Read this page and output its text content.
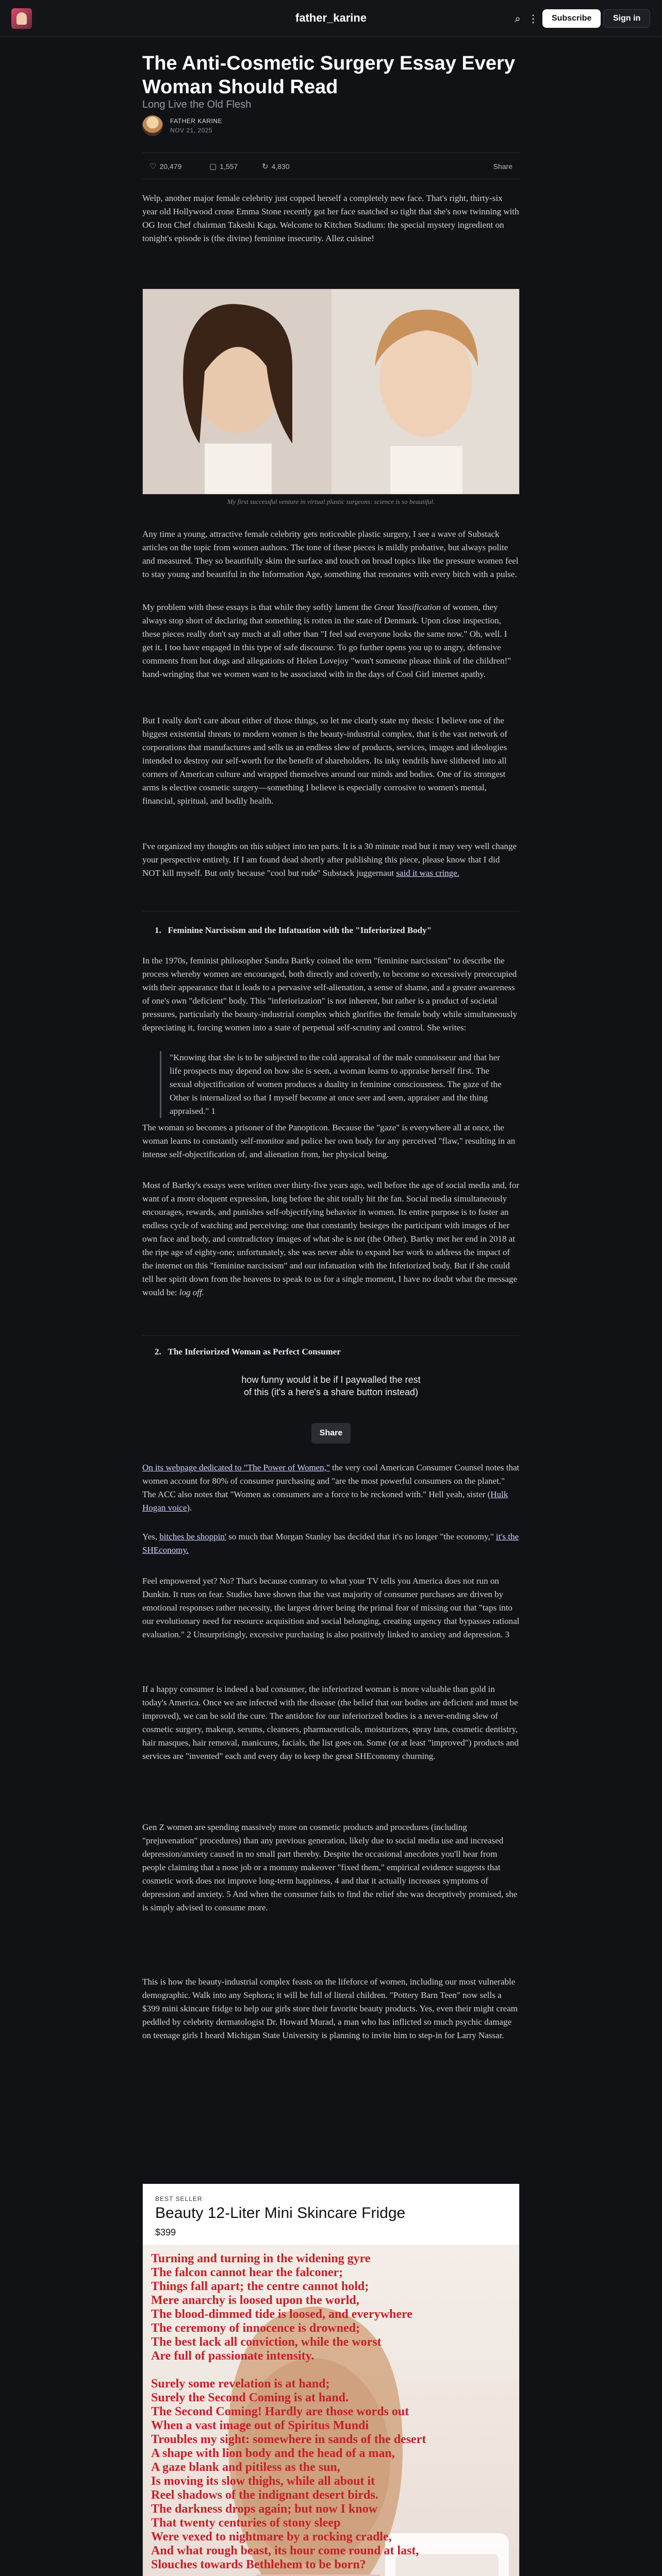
father_karine	⌕ ⋮	Subscribe	Sign in
The Anti-Cosmetic Surgery Essay Every Woman Should Read
Long Live the Old Flesh
FATHER KARINE
NOV 21, 2025
♡ 20,479	▢ 1,557	↻ 4,830	Share
Welp, another major female celebrity just copped herself a completely new face. That's right, thirty-six year old Hollywood crone Emma Stone recently got her face snatched so tight that she's now twinning with OG Iron Chef chairman Takeshi Kaga. Welcome to Kitchen Stadium: the special mystery ingredient on tonight's episode is (the divine) feminine insecurity. Allez cuisine!
My first successful venture in virtual plastic surgeons: science is so beautiful.
Any time a young, attractive female celebrity gets noticeable plastic surgery, I see a wave of Substack articles on the topic from women authors. The tone of these pieces is mildly probative, but always polite and measured. They so beautifully skim the surface and touch on broad topics like the pressure women feel to stay young and beautiful in the Information Age, something that resonates with every bitch with a pulse.
My problem with these essays is that while they softly lament the Great Yassification of women, they always stop short of declaring that something is rotten in the state of Denmark. Upon close inspection, these pieces really don't say much at all other than "I feel sad everyone looks the same now." Oh, well. I get it. I too have engaged in this type of safe discourse. To go further opens you up to angry, defensive comments from hot dogs and allegations of Helen Lovejoy "won't someone please think of the children!" hand-wringing that we women want to be associated with in the days of Cool Girl internet apathy.
But I really don't care about either of those things, so let me clearly state my thesis: I believe one of the biggest existential threats to modern women is the beauty-industrial complex, that is the vast network of corporations that manufactures and sells us an endless slew of products, services, images and ideologies intended to destroy our self-worth for the benefit of shareholders. Its inky tendrils have slithered into all corners of American culture and wrapped themselves around our minds and bodies. One of its strongest arms is elective cosmetic surgery—something I believe is especially corrosive to women's mental, financial, spiritual, and bodily health.
I've organized my thoughts on this subject into ten parts. It is a 30 minute read but it may very well change your perspective entirely. If I am found dead shortly after publishing this piece, please know that I did NOT kill myself. But only because "cool but rude" Substack juggernaut said it was cringe.
1.   Feminine Narcissism and the Infatuation with the "Inferiorized Body"
In the 1970s, feminist philosopher Sandra Bartky coined the term "feminine narcissism" to describe the process whereby women are encouraged, both directly and covertly, to become so excessively preoccupied with their appearance that it leads to a pervasive self-alienation, a sense of shame, and a greater awareness of one's own "deficient" body. This "inferiorization" is not inherent, but rather is a product of societal pressures, particularly the beauty-industrial complex which glorifies the female body while simultaneously depreciating it, forcing women into a state of perpetual self-scrutiny and control. She writes:
"Knowing that she is to be subjected to the cold appraisal of the male connoisseur and that her life prospects may depend on how she is seen, a woman learns to appraise herself first. The sexual objectification of women produces a duality in feminine consciousness. The gaze of the Other is internalized so that I myself become at once seer and seen, appraiser and the thing appraised." 1
The woman so becomes a prisoner of the Panopticon. Because the "gaze" is everywhere all at once, the woman learns to constantly self-monitor and police her own body for any perceived "flaw," resulting in an intense self-objectification of, and alienation from, her physical being.
Most of Bartky's essays were written over thirty-five years ago, well before the age of social media and, for want of a more eloquent expression, long before the shit totally hit the fan. Social media simultaneously encourages, rewards, and punishes self-objectifying behavior in women. Its entire purpose is to foster an endless cycle of watching and perceiving: one that constantly besieges the participant with images of her own face and body, and contradictory images of what she is not (the Other). Bartky met her end in 2018 at the ripe age of eighty-one; unfortunately, she was never able to expand her work to address the impact of the internet on this "feminine narcissism" and our infatuation with the Inferiorized body. But if she could tell her spirit down from the heavens to speak to us for a single moment, I have no doubt what the message would be: log off.
2.   The Inferiorized Woman as Perfect Consumer
how funny would it be if I paywalled the rest of this (it's a here's a share button instead)
Share
On its webpage dedicated to "The Power of Women," the very cool American Consumer Counsel notes that women account for 80% of consumer purchasing and "are the most powerful consumers on the planet." The ACC also notes that "Women as consumers are a force to be reckoned with." Hell yeah, sister (Hulk Hogan voice).
Yes, bitches be shoppin' so much that Morgan Stanley has decided that it's no longer "the economy," it's the SHEconomy.
Feel empowered yet? No? That's because contrary to what your TV tells you America does not run on Dunkin. It runs on fear. Studies have shown that the vast majority of consumer purchases are driven by emotional responses rather necessity, the largest driver being the primal fear of missing out that "taps into our evolutionary need for resource acquisition and social belonging, creating urgency that bypasses rational evaluation." 2 Unsurprisingly, excessive purchasing is also positively linked to anxiety and depression. 3
If a happy consumer is indeed a bad consumer, the inferiorized woman is more valuable than gold in today's America. Once we are infected with the disease (the belief that our bodies are deficient and must be improved), we can be sold the cure. The antidote for our inferiorized bodies is a never-ending slew of cosmetic surgery, makeup, serums, cleansers, pharmaceuticals, moisturizers, spray tans, cosmetic dentistry, hair masques, hair removal, manicures, facials, the list goes on. Some (or at least "improved") products and services are "invented" each and every day to keep the great SHEconomy churning.
Gen Z women are spending massively more on cosmetic products and procedures (including "prejuvenation" procedures) than any previous generation, likely due to social media use and increased depression/anxiety caused in no small part thereby. Despite the occasional anecdotes you'll hear from people claiming that a nose job or a mommy makeover "fixed them," empirical evidence suggests that cosmetic work does not improve long-term happiness, 4 and that it actually increases symptoms of depression and anxiety. 5 And when the consumer fails to find the relief she was deceptively promised, she is simply advised to consume more.
This is how the beauty-industrial complex feasts on the lifeforce of women, including our most vulnerable demographic. Walk into any Sephora; it will be full of literal children. "Pottery Barn Teen" now sells a $399 mini skincare fridge to help our girls store their favorite beauty products. Yes, even their might cream peddled by celebrity dermatologist Dr. Howard Murad, a man who has inflicted so much psychic damage on teenage girls I heard Michigan State University is planning to invite him to step-in for Larry Nassar.
BEST SELLER
Beauty 12-Liter Mini Skincare Fridge
$399
Turning and turning in the widening gyre
The falcon cannot hear the falconer;
Things fall apart; the centre cannot hold;
Mere anarchy is loosed upon the world,
The blood-dimmed tide is loosed, and everywhere
The ceremony of innocence is drowned;
The best lack all conviction, while the worst
Are full of passionate intensity.

Surely some revelation is at hand;
Surely the Second Coming is at hand.
The Second Coming! Hardly are those words out
When a vast image out of Spiritus Mundi
Troubles my sight: somewhere in sands of the desert
A shape with lion body and the head of a man,
A gaze blank and pitiless as the sun,
Is moving its slow thighs, while all about it
Reel shadows of the indignant desert birds.
The darkness drops again; but now I know
That twenty centuries of stony sleep
Were vexed to nightmare by a rocking cradle,
And what rough beast, its hour come round at last,
Slouches towards Bethlehem to be born?
